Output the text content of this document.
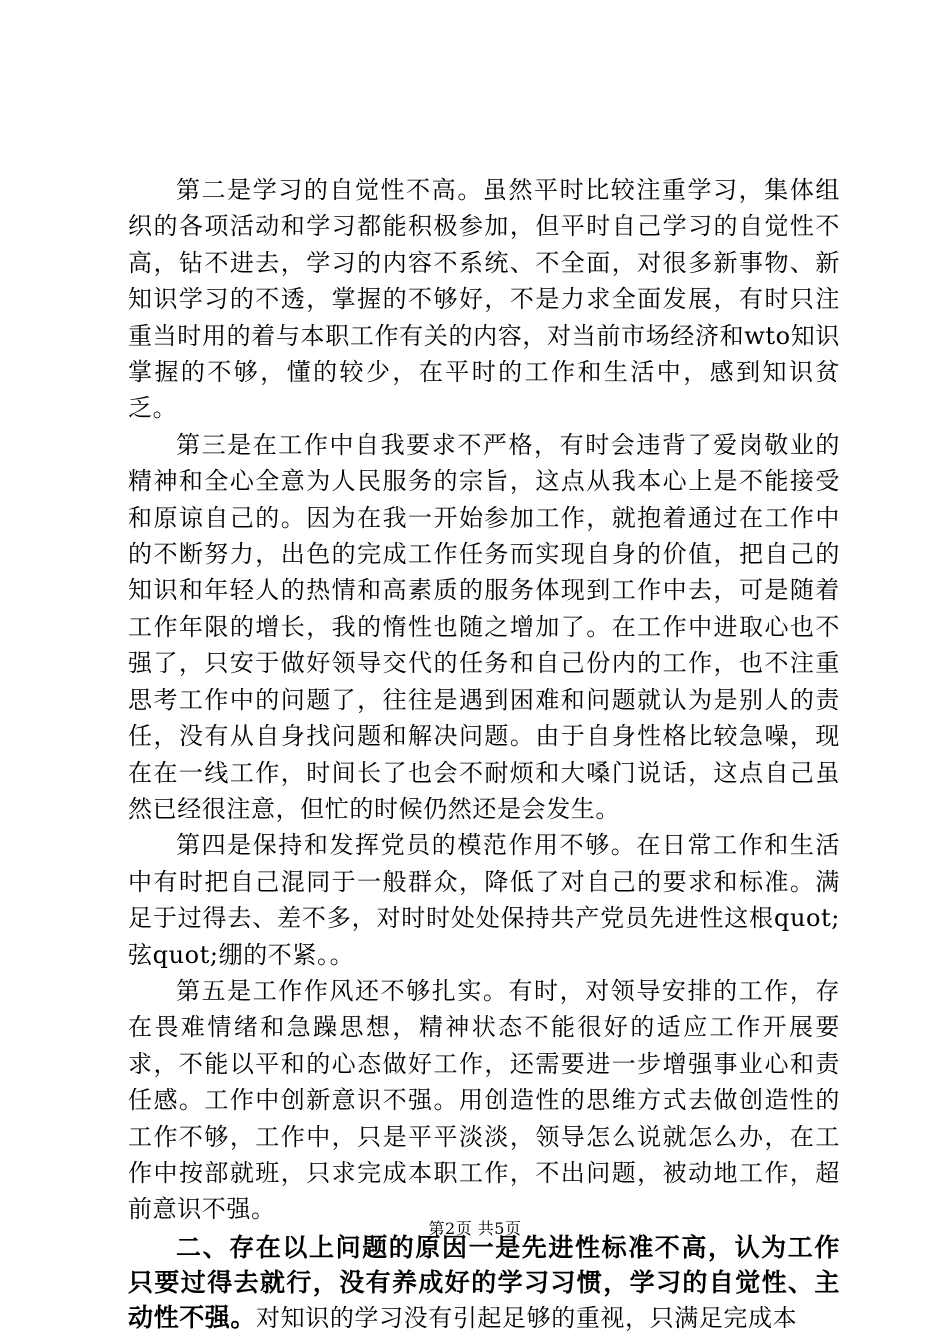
第二是学习的自觉性不高。虽然平时比较注重学习，集体组织的各项活动和学习都能积极参加，但平时自己学习的自觉性不高，钻不进去，学习的内容不系统、不全面，对很多新事物、新知识学习的不透，掌握的不够好，不是力求全面发展，有时只注重当时用的着与本职工作有关的内容，对当前市场经济和wto知识掌握的不够，懂的较少，在平时的工作和生活中，感到知识贫乏。

第三是在工作中自我要求不严格，有时会违背了爱岗敬业的精神和全心全意为人民服务的宗旨，这点从我本心上是不能接受和原谅自己的。因为在我一开始参加工作，就抱着通过在工作中的不断努力，出色的完成工作任务而实现自身的价值，把自己的知识和年轻人的热情和高素质的服务体现到工作中去，可是随着工作年限的增长，我的惰性也随之增加了。在工作中进取心也不强了，只安于做好领导交代的任务和自己份内的工作，也不注重思考工作中的问题了，往往是遇到困难和问题就认为是别人的责任，没有从自身找问题和解决问题。由于自身性格比较急噪，现在在一线工作，时间长了也会不耐烦和大嗓门说话，这点自己虽然已经很注意，但忙的时候仍然还是会发生。

第四是保持和发挥党员的模范作用不够。在日常工作和生活中有时把自己混同于一般群众，降低了对自己的要求和标准。满足于过得去、差不多，对时时处处保持共产党员先进性这根quot;弦quot;绷的不紧。。

第五是工作作风还不够扎实。有时，对领导安排的工作，存在畏难情绪和急躁思想，精神状态不能很好的适应工作开展要求，不能以平和的心态做好工作，还需要进一步增强事业心和责任感。工作中创新意识不强。用创造性的思维方式去做创造性的工作不够，工作中，只是平平淡淡，领导怎么说就怎么办，在工作中按部就班，只求完成本职工作，不出问题，被动地工作，超前意识不强。

二、存在以上问题的原因一是先进性标准不高，认为工作只要过得去就行，没有养成好的学习习惯，学习的自觉性、主动性不强。对知识的学习没有引起足够的重视，只满足完成本

第2页 共5页
